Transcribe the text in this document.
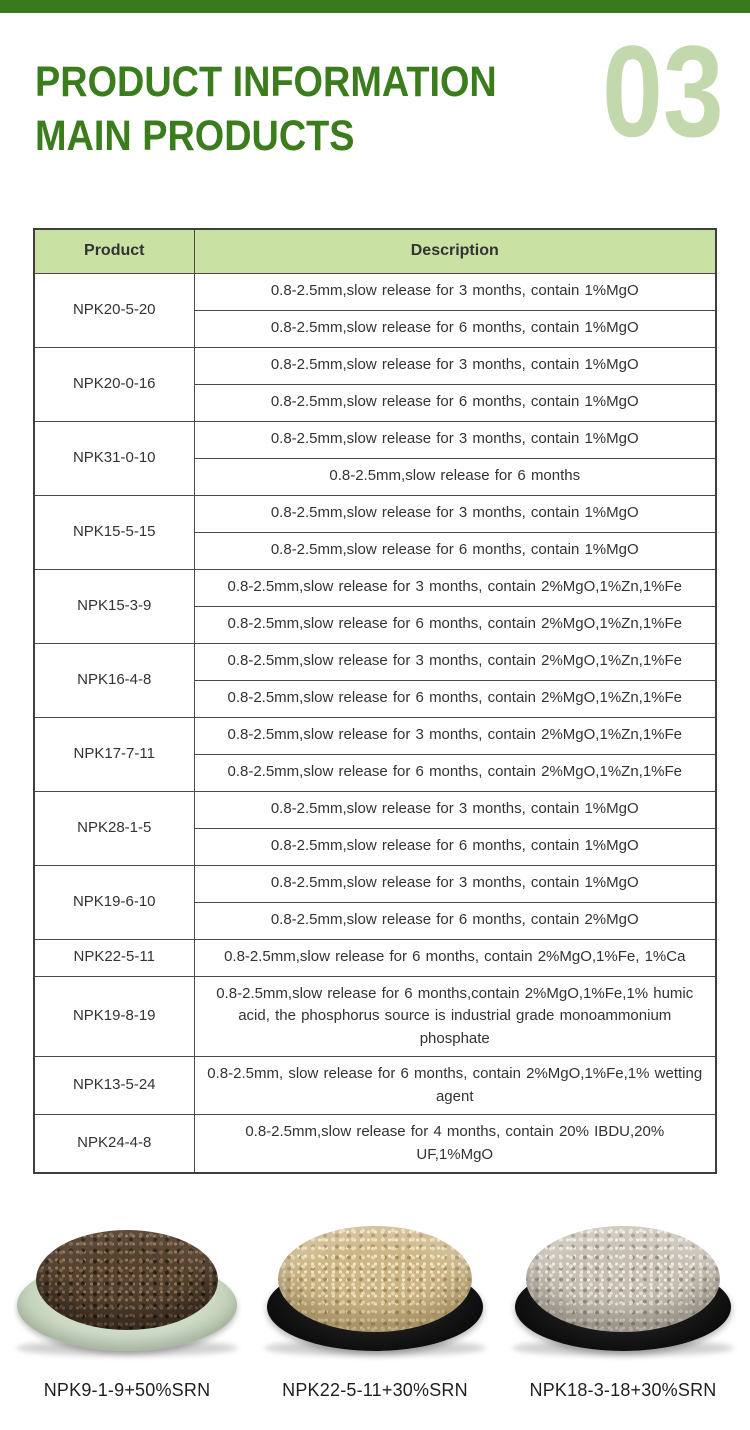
PRODUCT INFORMATION
MAIN PRODUCTS	03
Product	Description
NPK20-5-20	0.8-2.5mm,slow release for 3 months, contain 1%MgO
	0.8-2.5mm,slow release for 6 months, contain 1%MgO
NPK20-0-16	0.8-2.5mm,slow release for 3 months, contain 1%MgO
	0.8-2.5mm,slow release for 6 months, contain 1%MgO
NPK31-0-10	0.8-2.5mm,slow release for 3 months, contain 1%MgO
	0.8-2.5mm,slow release for 6 months
NPK15-5-15	0.8-2.5mm,slow release for 3 months, contain 1%MgO
	0.8-2.5mm,slow release for 6 months, contain 1%MgO
NPK15-3-9	0.8-2.5mm,slow release for 3 months, contain 2%MgO,1%Zn,1%Fe
	0.8-2.5mm,slow release for 6 months, contain 2%MgO,1%Zn,1%Fe
NPK16-4-8	0.8-2.5mm,slow release for 3 months, contain 2%MgO,1%Zn,1%Fe
	0.8-2.5mm,slow release for 6 months, contain 2%MgO,1%Zn,1%Fe
NPK17-7-11	0.8-2.5mm,slow release for 3 months, contain 2%MgO,1%Zn,1%Fe
	0.8-2.5mm,slow release for 6 months, contain 2%MgO,1%Zn,1%Fe
NPK28-1-5	0.8-2.5mm,slow release for 3 months, contain 1%MgO
	0.8-2.5mm,slow release for 6 months, contain 1%MgO
NPK19-6-10	0.8-2.5mm,slow release for 3 months, contain 1%MgO
	0.8-2.5mm,slow release for 6 months, contain 2%MgO
NPK22-5-11	0.8-2.5mm,slow release for 6 months, contain 2%MgO,1%Fe, 1%Ca
NPK19-8-19	0.8-2.5mm,slow release for 6 months,contain 2%MgO,1%Fe,1% humic acid, the phosphorus source is industrial grade monoammonium phosphate
NPK13-5-24	0.8-2.5mm, slow release for 6 months, contain 2%MgO,1%Fe,1% wetting agent
NPK24-4-8	0.8-2.5mm,slow release for 4 months, contain 20% IBDU,20% UF,1%MgO
NPK9-1-9+50%SRN	NPK22-5-11+30%SRN	NPK18-3-18+30%SRN
